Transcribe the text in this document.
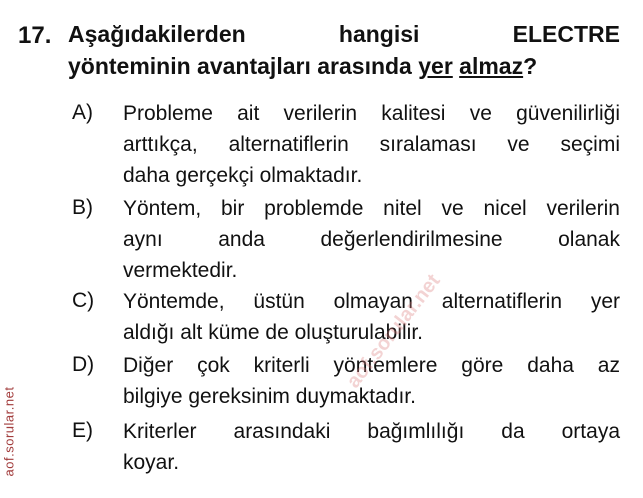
17. Aşağıdakilerden hangisi ELECTRE
yönteminin avantajları arasında yer almaz?
A) Probleme ait verilerin kalitesi ve güvenilirliği
arttıkça, alternatiflerin sıralaması ve seçimi
daha gerçekçi olmaktadır.
B) Yöntem, bir problemde nitel ve nicel verilerin
aynı anda değerlendirilmesine olanak
vermektedir.
C) Yöntemde, üstün olmayan alternatiflerin yer
aldığı alt küme de oluşturulabilir.
D) Diğer çok kriterli yöntemlere göre daha az
bilgiye gereksinim duymaktadır.
E) Kriterler arasındaki bağımlılığı da ortaya
koyar.
aof.sorular.net
aof.sorular.net
